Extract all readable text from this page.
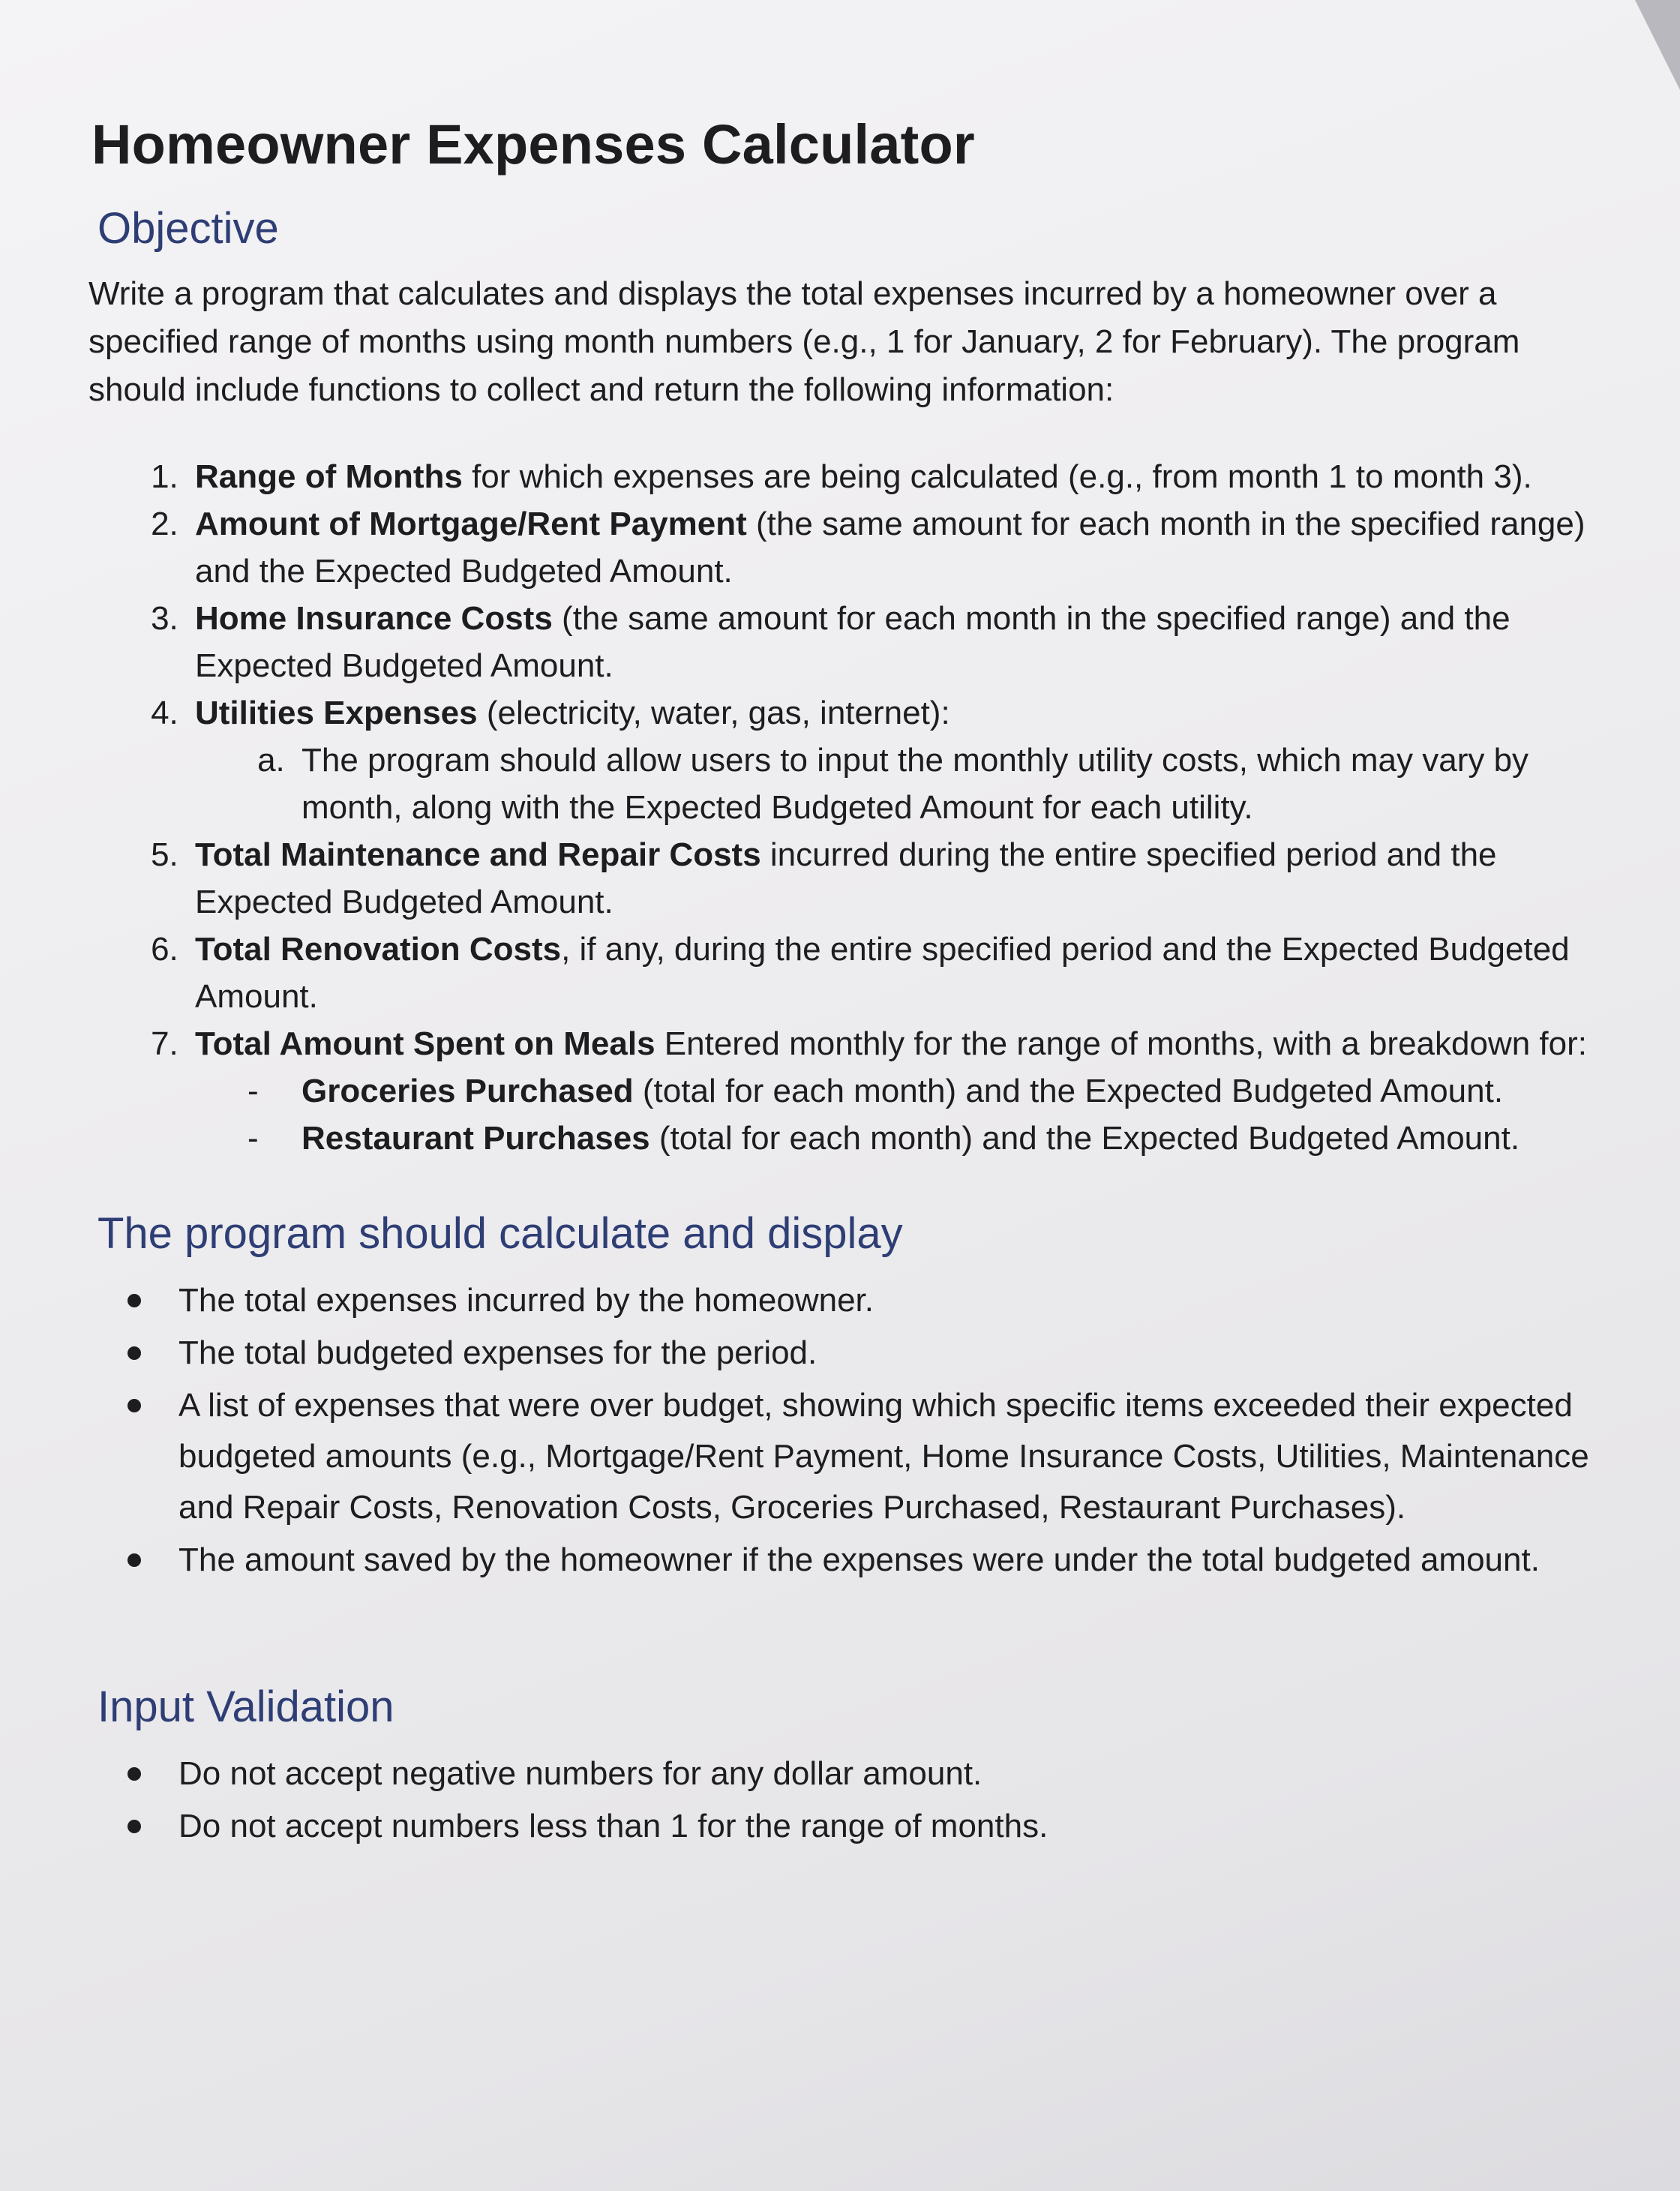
Homeowner Expenses Calculator
Objective

Write a program that calculates and displays the total expenses incurred by a homeowner over a specified range of months using month numbers (e.g., 1 for January, 2 for February). The program should include functions to collect and return the following information:

1. Range of Months for which expenses are being calculated (e.g., from month 1 to month 3).
2. Amount of Mortgage/Rent Payment (the same amount for each month in the specified range) and the Expected Budgeted Amount.
3. Home Insurance Costs (the same amount for each month in the specified range) and the Expected Budgeted Amount.
4. Utilities Expenses (electricity, water, gas, internet):
a. The program should allow users to input the monthly utility costs, which may vary by month, along with the Expected Budgeted Amount for each utility.
5. Total Maintenance and Repair Costs incurred during the entire specified period and the Expected Budgeted Amount.
6. Total Renovation Costs, if any, during the entire specified period and the Expected Budgeted Amount.
7. Total Amount Spent on Meals Entered monthly for the range of months, with a breakdown for:
- Groceries Purchased (total for each month) and the Expected Budgeted Amount.
- Restaurant Purchases (total for each month) and the Expected Budgeted Amount.
The program should calculate and display
The total expenses incurred by the homeowner.
The total budgeted expenses for the period.
A list of expenses that were over budget, showing which specific items exceeded their expected budgeted amounts (e.g., Mortgage/Rent Payment, Home Insurance Costs, Utilities, Maintenance and Repair Costs, Renovation Costs, Groceries Purchased, Restaurant Purchases).
The amount saved by the homeowner if the expenses were under the total budgeted amount.
Input Validation
Do not accept negative numbers for any dollar amount.
Do not accept numbers less than 1 for the range of months.
